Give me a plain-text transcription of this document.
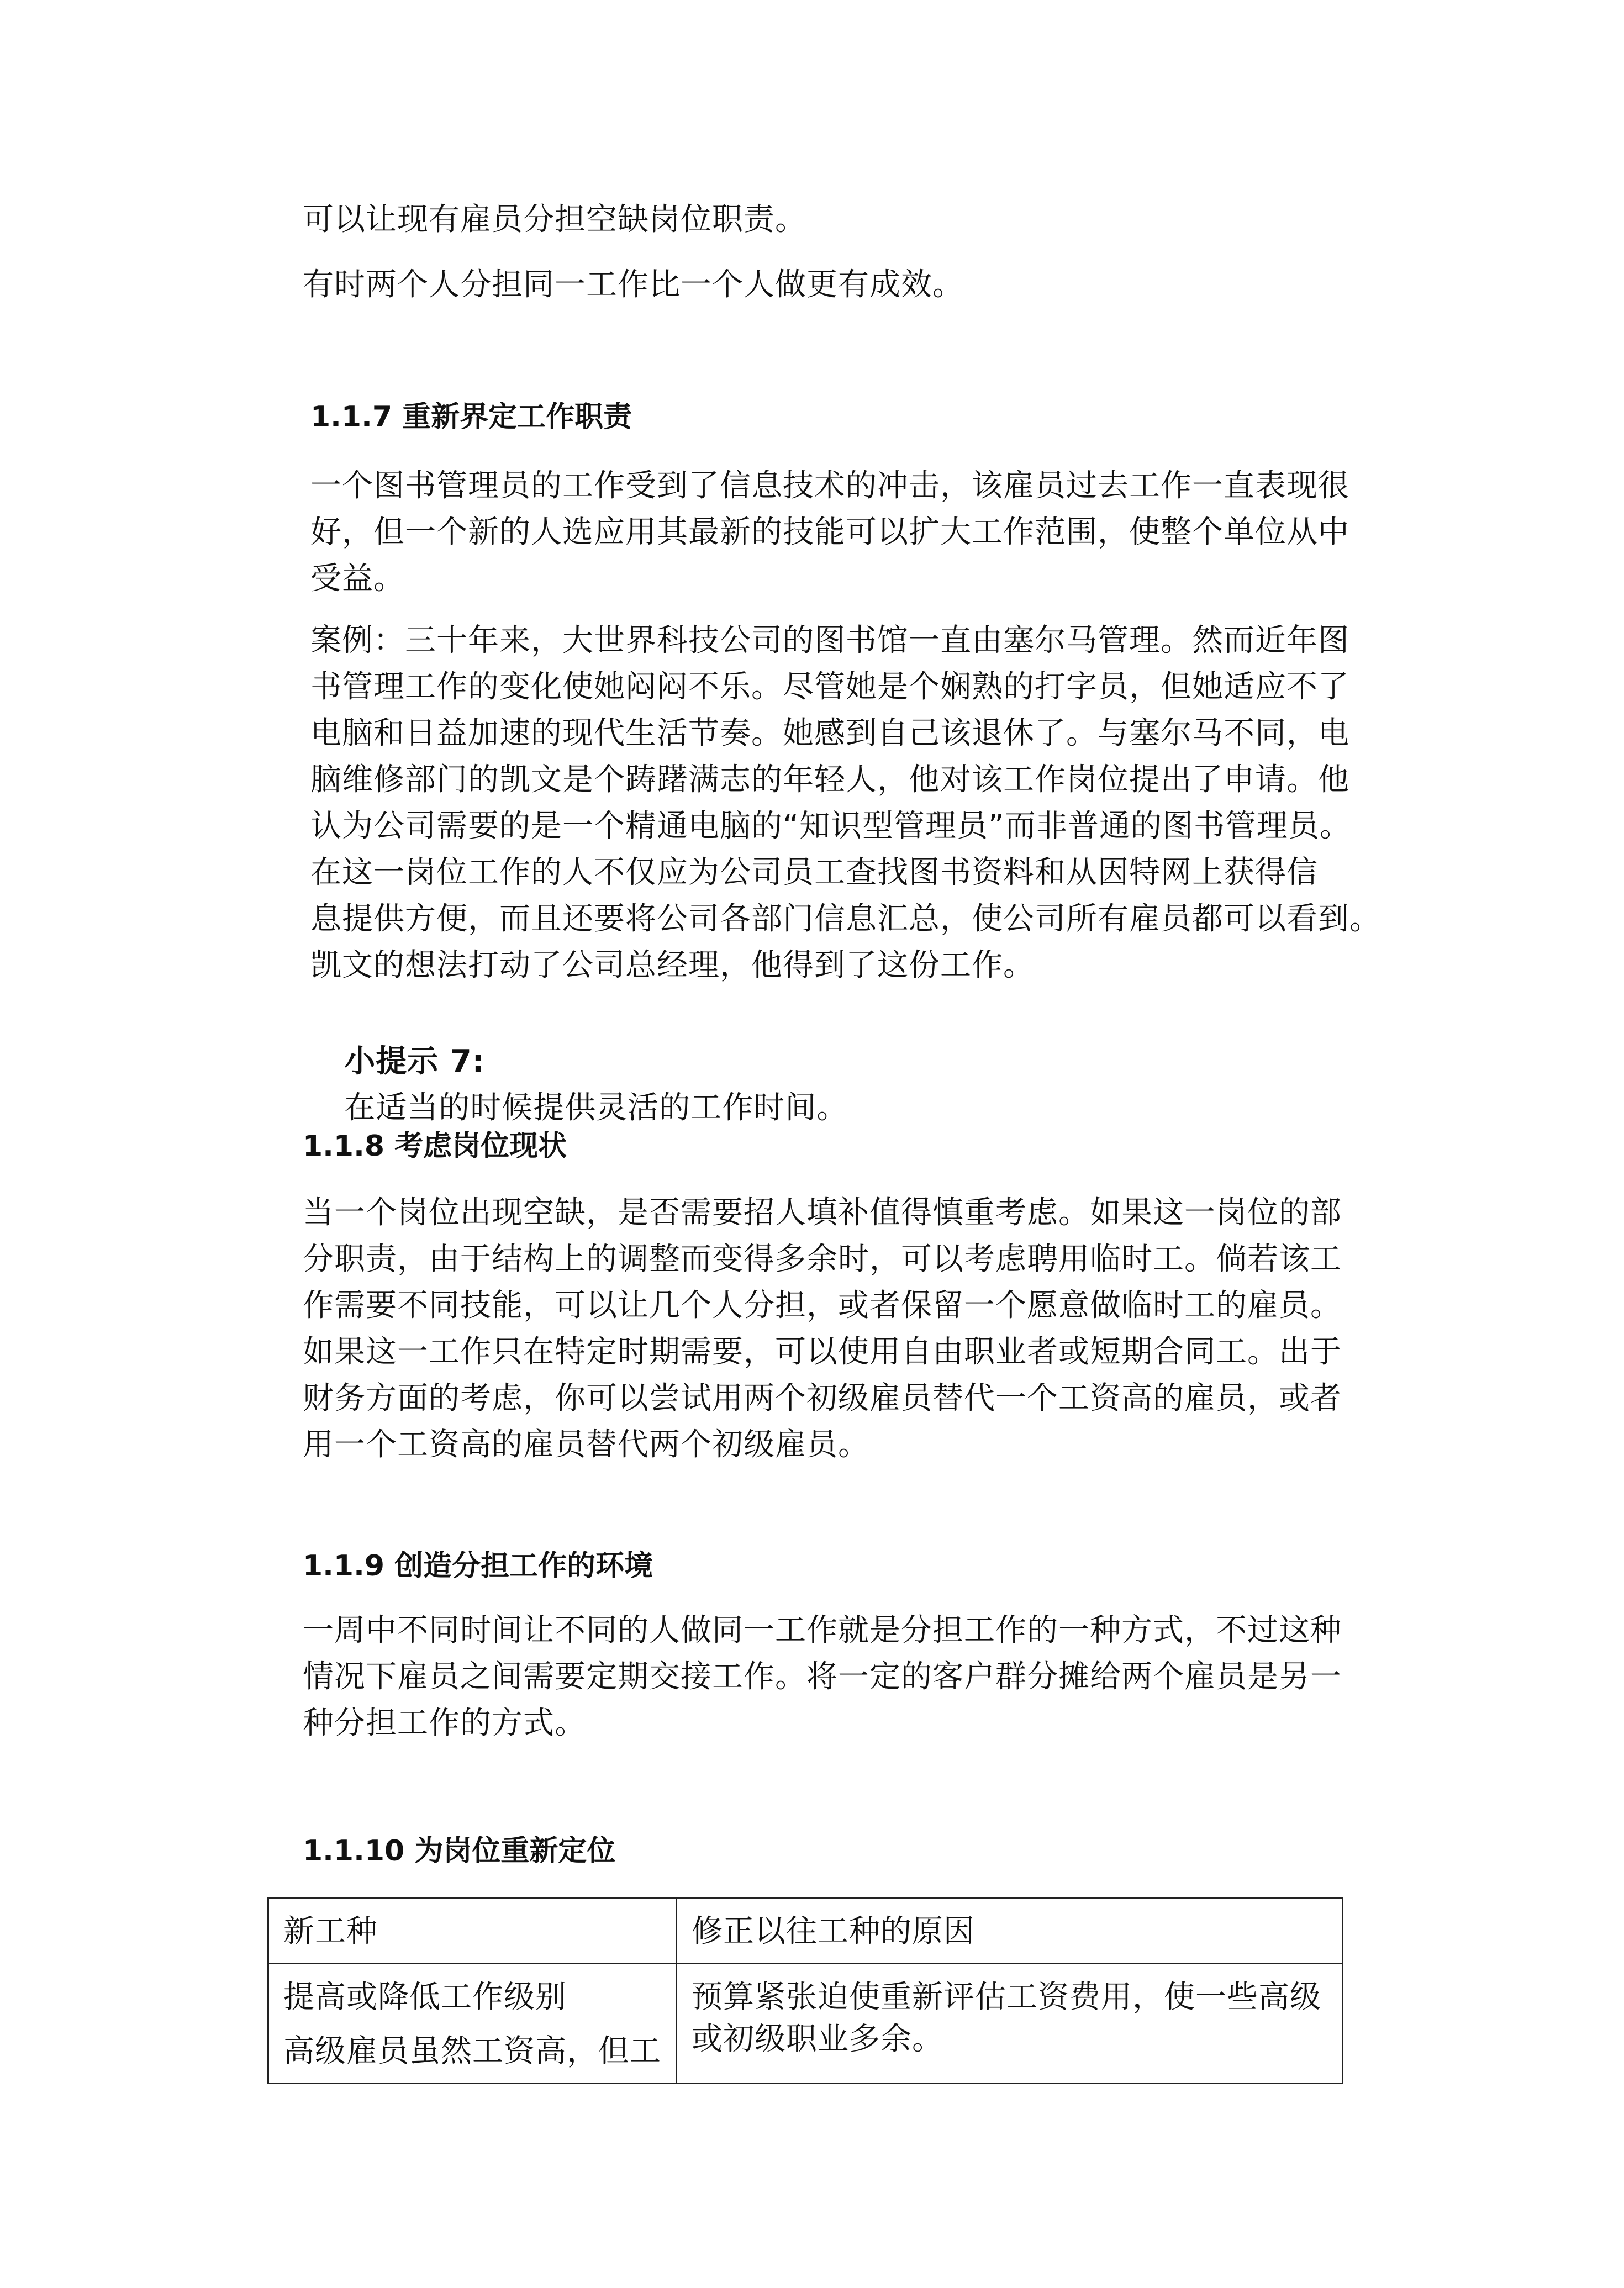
可以让现有雇员分担空缺岗位职责。

有时两个人分担同一工作比一个人做更有成效。

1.1.7 重新界定工作职责

一个图书管理员的工作受到了信息技术的冲击，该雇员过去工作一直表现很
好，但一个新的人选应用其最新的技能可以扩大工作范围，使整个单位从中
受益。

案例：三十年来，大世界科技公司的图书馆一直由塞尔马管理。然而近年图
书管理工作的变化使她闷闷不乐。尽管她是个娴熟的打字员，但她适应不了
电脑和日益加速的现代生活节奏。她感到自己该退休了。与塞尔马不同，电
脑维修部门的凯文是个踌躇满志的年轻人，他对该工作岗位提出了申请。他
认为公司需要的是一个精通电脑的“知识型管理员”而非普通的图书管理员。
在这一岗位工作的人不仅应为公司员工查找图书资料和从因特网上获得信
息提供方便，而且还要将公司各部门信息汇总，使公司所有雇员都可以看到。
凯文的想法打动了公司总经理，他得到了这份工作。

小提示 7:
在适当的时候提供灵活的工作时间。

1.1.8 考虑岗位现状

当一个岗位出现空缺，是否需要招人填补值得慎重考虑。如果这一岗位的部
分职责，由于结构上的调整而变得多余时，可以考虑聘用临时工。倘若该工
作需要不同技能，可以让几个人分担，或者保留一个愿意做临时工的雇员。
如果这一工作只在特定时期需要，可以使用自由职业者或短期合同工。出于
财务方面的考虑，你可以尝试用两个初级雇员替代一个工资高的雇员，或者
用一个工资高的雇员替代两个初级雇员。

1.1.9 创造分担工作的环境

一周中不同时间让不同的人做同一工作就是分担工作的一种方式，不过这种
情况下雇员之间需要定期交接工作。将一定的客户群分摊给两个雇员是另一
种分担工作的方式。

1.1.10 为岗位重新定位
新工种	修正以往工种的原因

提高或降低工作级别
高级雇员虽然工资高，但工	预算紧张迫使重新评估工资费用，使一些高级
或初级职业多余。
